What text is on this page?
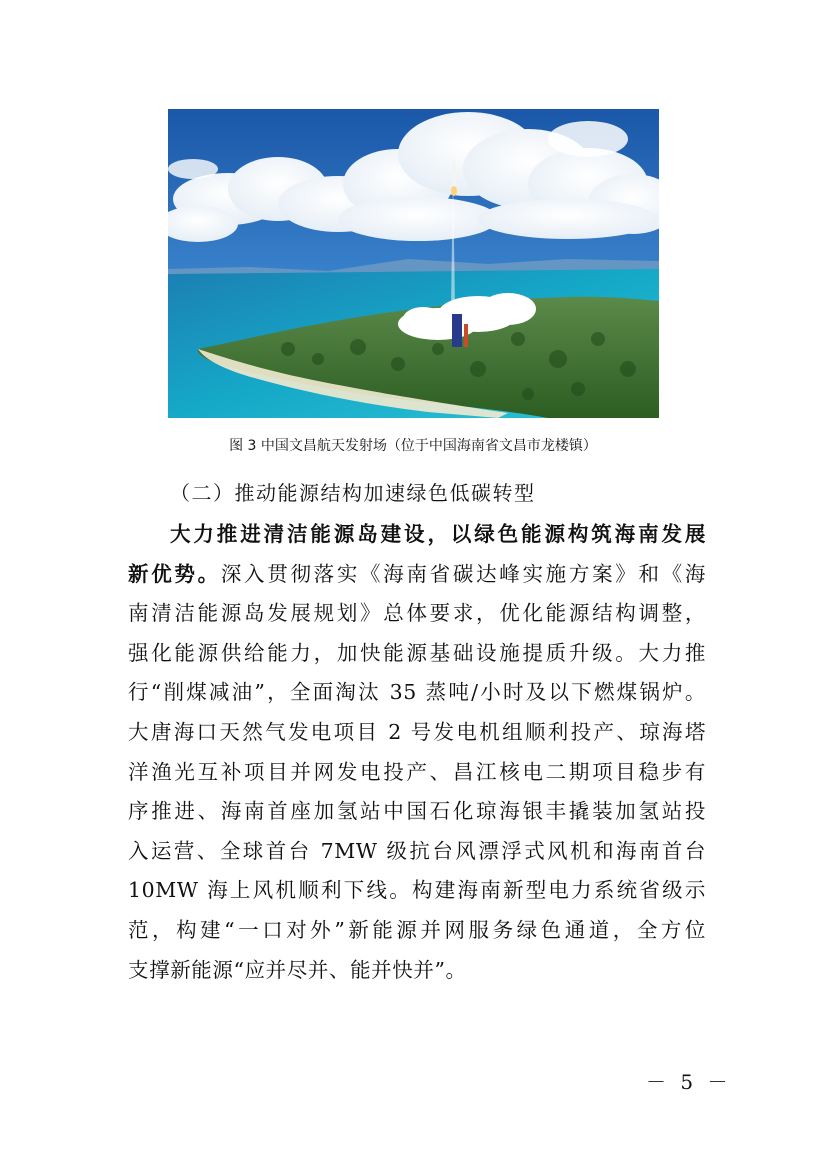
图 3 中国文昌航天发射场（位于中国海南省文昌市龙楼镇）
（二）推动能源结构加速绿色低碳转型
大力推进清洁能源岛建设，以绿色能源构筑海南发展
新优势。深入贯彻落实《海南省碳达峰实施方案》和《海
南清洁能源岛发展规划》总体要求，优化能源结构调整，
强化能源供给能力，加快能源基础设施提质升级。大力推
行“削煤减油”，全面淘汰 35 蒸吨/小时及以下燃煤锅炉。
大唐海口天然气发电项目 2 号发电机组顺利投产、琼海塔
洋渔光互补项目并网发电投产、昌江核电二期项目稳步有
序推进、海南首座加氢站中国石化琼海银丰撬装加氢站投
入运营、全球首台 7MW 级抗台风漂浮式风机和海南首台
10MW 海上风机顺利下线。构建海南新型电力系统省级示
范，构建“一口对外”新能源并网服务绿色通道，全方位
支撑新能源“应并尽并、能并快并”。
－ 5 －
